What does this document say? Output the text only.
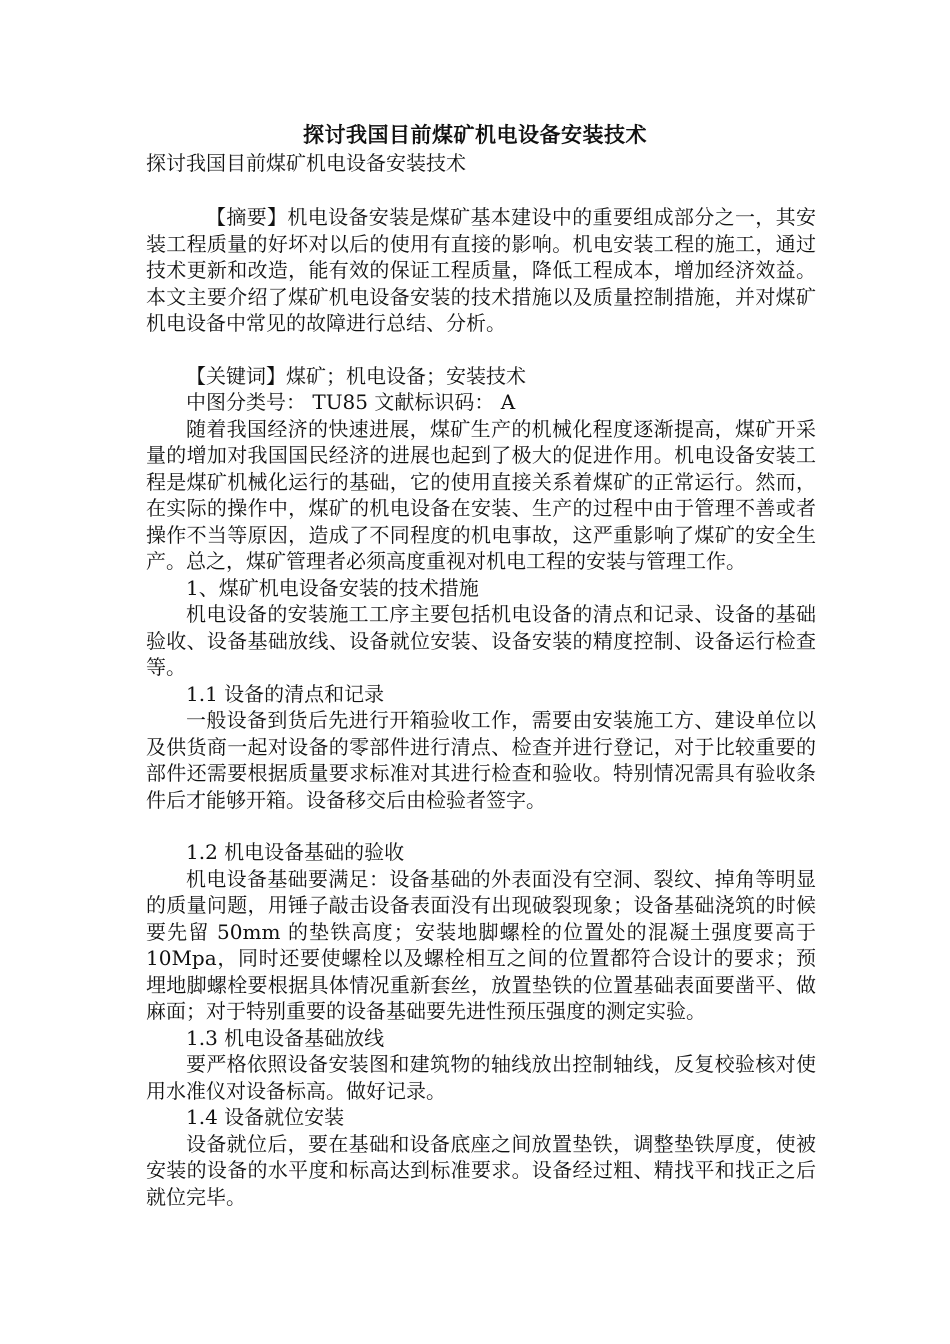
探讨我国目前煤矿机电设备安装技术
探讨我国目前煤矿机电设备安装技术

【摘要】机电设备安装是煤矿基本建设中的重要组成部分之一，其安装工程质量的好坏对以后的使用有直接的影响。机电安装工程的施工，通过技术更新和改造，能有效的保证工程质量，降低工程成本，增加经济效益。本文主要介绍了煤矿机电设备安装的技术措施以及质量控制措施，并对煤矿机电设备中常见的故障进行总结、分析。

【关键词】煤矿；机电设备；安装技术

中图分类号： TU85 文献标识码： A

随着我国经济的快速进展，煤矿生产的机械化程度逐渐提高，煤矿开采量的增加对我国国民经济的进展也起到了极大的促进作用。机电设备安装工程是煤矿机械化运行的基础，它的使用直接关系着煤矿的正常运行。然而，在实际的操作中，煤矿的机电设备在安装、生产的过程中由于管理不善或者操作不当等原因，造成了不同程度的机电事故，这严重影响了煤矿的安全生产。总之，煤矿管理者必须高度重视对机电工程的安装与管理工作。

1、煤矿机电设备安装的技术措施

机电设备的安装施工工序主要包括机电设备的清点和记录、设备的基础验收、设备基础放线、设备就位安装、设备安装的精度控制、设备运行检查等。

1.1 设备的清点和记录

一般设备到货后先进行开箱验收工作，需要由安装施工方、建设单位以及供货商一起对设备的零部件进行清点、检查并进行登记，对于比较重要的部件还需要根据质量要求标准对其进行检查和验收。特别情况需具有验收条件后才能够开箱。设备移交后由检验者签字。

1.2 机电设备基础的验收

机电设备基础要满足：设备基础的外表面没有空洞、裂纹、掉角等明显的质量问题，用锤子敲击设备表面没有出现破裂现象；设备基础浇筑的时候要先留 50mm 的垫铁高度；安装地脚螺栓的位置处的混凝土强度要高于 10Mpa，同时还要使螺栓以及螺栓相互之间的位置都符合设计的要求；预埋地脚螺栓要根据具体情况重新套丝，放置垫铁的位置基础表面要凿平、做麻面；对于特别重要的设备基础要先进性预压强度的测定实验。

1.3 机电设备基础放线

要严格依照设备安装图和建筑物的轴线放出控制轴线，反复校验核对使用水准仪对设备标高。做好记录。

1.4 设备就位安装

设备就位后，要在基础和设备底座之间放置垫铁，调整垫铁厚度，使被安装的设备的水平度和标高达到标准要求。设备经过粗、精找平和找正之后就位完毕。
